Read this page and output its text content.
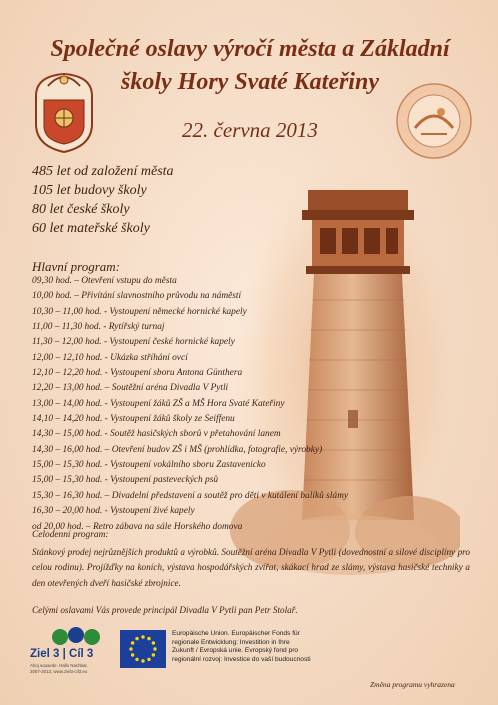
Společné oslavy výročí města a Základní
školy Hory Svaté Kateřiny
22. června 2013
485 let od založení města
105 let budovy školy
80 let české školy
60 let mateřské školy
Hlavní program:
09,30 hod. – Otevření vstupu do města
10,00 hod. – Přivítání slavnostního průvodu na náměstí
10,30 – 11,00 hod. - Vystoupení německé hornické kapely
11,00 – 11,30 hod. - Rytířský turnaj
11,30 – 12,00 hod. - Vystoupení české hornické kapely
12,00 – 12,10 hod. - Ukázka stříhání ovcí
12,10 – 12,20 hod. - Vystoupení sboru Antona Günthera
12,20 – 13,00 hod. – Soutěžní aréna Divadla V Pytli
13,00 – 14,00 hod. - Vystoupení žáků ZŠ a MŠ Hora Svaté Kateřiny
14,10 – 14,20 hod. - Vystoupení žáků školy ze Seiffenu
14,30 – 15,00 hod. - Soutěž hasičských sborů v přetahování lanem
14,30 – 16,00 hod. – Otevření budov ZŠ i MŠ (prohlídka, fotografie, výrobky)
15,00 – 15,30 hod. - Vystoupení vokálního sboru Zastavenícko
15,00 – 15,30 hod. - Vystoupení pasteveckých psů
15,30 – 16,30 hod. – Divadelní představení a soutěž pro děti v kutálení balíků slámy
16,30 – 20,00 hod. - Vystoupení živé kapely
od 20,00 hod. – Retro zábava na sále Horského domova
Celodenní program:
Stánkový prodej nejrůznějších produktů a výrobků. Soutěžní aréna Divadla V Pytli (dovednostní a silové disciplíny pro celou rodinu). Projížďky na koních, výstava hospodářských zvířat, skákací hrad ze slámy, výstava hasičské techniky a den otevřených dveří hasičské zbrojnice.
Celými oslavami Vás provede principál Divadla V Pytli pan Petr Stolař.
Ziel 3 | Cíl 3
Ahoj sousede. Hallo Nachbar.
2007-2013, www.ziel3-cil3.eu
Europäische Union. Europäischer Fonds für
regionale Entwicklung: Investition in Ihre
Zukunft / Evropská unie. Evropský fond pro
regionální rozvoj: Investice do vaší budoucnosti
Změna programu vyhrazena
